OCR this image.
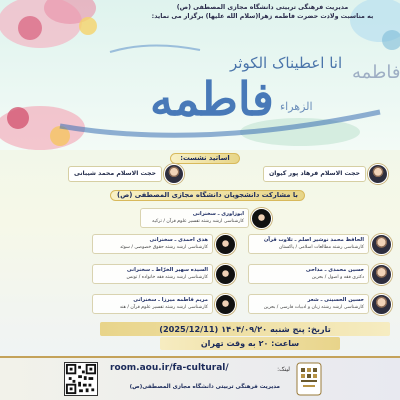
مدیریت فرهنگی تربیتی دانشگاه مجازی المصطفی (ص)
به مناسبت ولادت حضرت فاطمه زهرا(سلام الله علیها) برگزار می نماید:
انا اعطیناک الکوثر
فاطمه الزهراء
فاطمه
اساتید نشست:
حجت الاسلام فرهاد پور کیوان
حجت الاسلام محمد شیبانی
با مشارکت دانشجویان دانشگاه مجازی المصطفی (ص)
ابوزاوری ـ سخنرانی
کارشناسی ارشد رشته تفسیر علوم قرآن / ترکیه
الحافظ محمد نوشیر اصلم ـ تلاوت قرآن
کارشناسی رشته مطالعات اسلامی / پاکستان
هدی احمدی ـ سخنرانی
کارشناسی ارشد رشته حقوق خصوصی / سوئد
حسین محمدی ـ مداحی
دکتری فقه و اصول / بحرین
السیده سهیر الخرّاط ـ سخنرانی
کارشناسی ارشد رشته فقه خانواده / تونس
حسین الحسینی ـ شعر
کارشناسی ارشد رشته زبان و ادبیات فارسی / بحرین
مریم فاطمه میرزا ـ سخنرانی
کارشناسی ارشد رشته تفسیر علوم قرآن / هند
تاریخ: پنج شنبه ۱۴۰۴/۰۹/۲۰ (2025/12/11)
ساعت: ۲۰ به وقت تهران
room.aou.ir/fa-cultural/	لینک:
مدیریت فرهنگی تربیتی دانشگاه مجازی المصطفی(ص)
